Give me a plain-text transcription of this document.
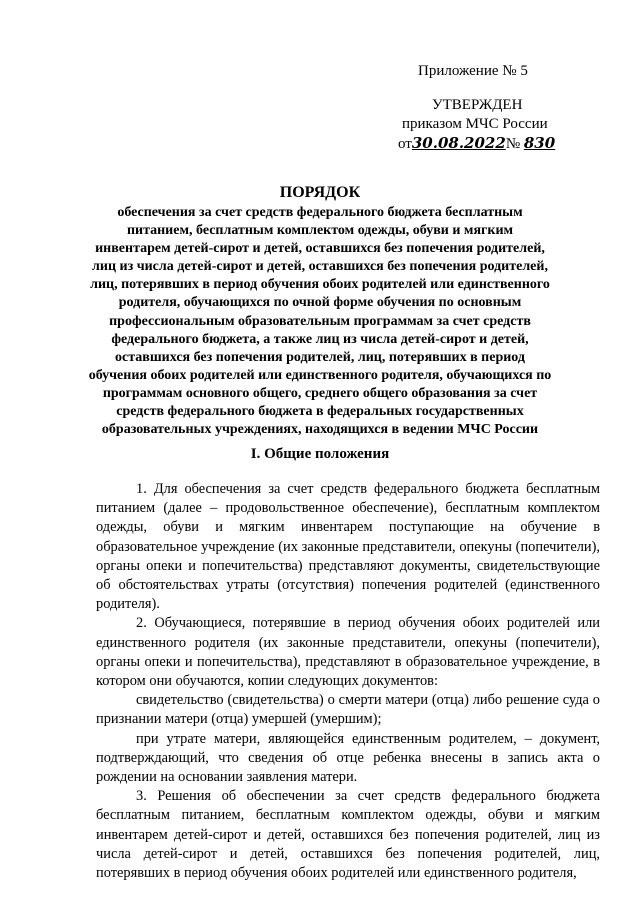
Приложение № 5
УТВЕРЖДЕН
приказом МЧС России
от30.08.2022№ 830
ПОРЯДОК
обеспечения за счет средств федерального бюджета бесплатным питанием, бесплатным комплектом одежды, обуви и мягким инвентарем детей-сирот и детей, оставшихся без попечения родителей, лиц из числа детей-сирот и детей, оставшихся без попечения родителей, лиц, потерявших в период обучения обоих родителей или единственного родителя, обучающихся по очной форме обучения по основным профессиональным образовательным программам за счет средств федерального бюджета, а также лиц из числа детей-сирот и детей, оставшихся без попечения родителей, лиц, потерявших в период обучения обоих родителей или единственного родителя, обучающихся по программам основного общего, среднего общего образования за счет средств федерального бюджета в федеральных государственных образовательных учреждениях, находящихся в ведении МЧС России
I. Общие положения

1. Для обеспечения за счет средств федерального бюджета бесплатным питанием (далее – продовольственное обеспечение), бесплатным комплектом одежды, обуви и мягким инвентарем поступающие на обучение в образовательное учреждение (их законные представители, опекуны (попечители), органы опеки и попечительства) представляют документы, свидетельствующие об обстоятельствах утраты (отсутствия) попечения родителей (единственного родителя).

2. Обучающиеся, потерявшие в период обучения обоих родителей или единственного родителя (их законные представители, опекуны (попечители), органы опеки и попечительства), представляют в образовательное учреждение, в котором они обучаются, копии следующих документов:

свидетельство (свидетельства) о смерти матери (отца) либо решение суда о признании матери (отца) умершей (умершим);

при утрате матери, являющейся единственным родителем, – документ, подтверждающий, что сведения об отце ребенка внесены в запись акта о рождении на основании заявления матери.

3. Решения об обеспечении за счет средств федерального бюджета бесплатным питанием, бесплатным комплектом одежды, обуви и мягким инвентарем детей-сирот и детей, оставшихся без попечения родителей, лиц из числа детей-сирот и детей, оставшихся без попечения родителей, лиц, потерявших в период обучения обоих родителей или единственного родителя,
